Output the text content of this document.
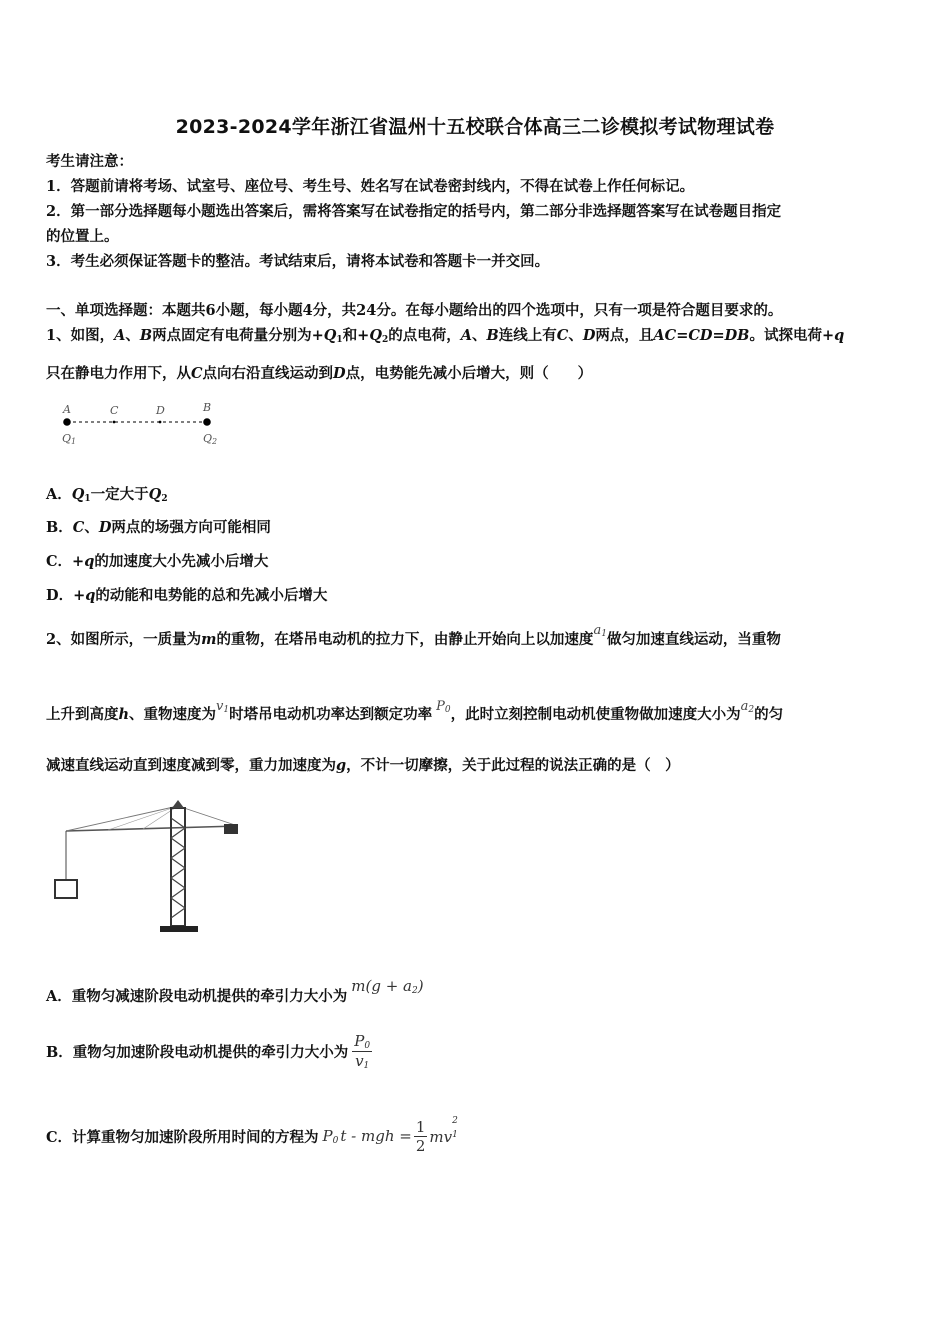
2023-2024学年浙江省温州十五校联合体高三二诊模拟考试物理试卷
考生请注意：
1．答题前请将考场、试室号、座位号、考生号、姓名写在试卷密封线内，不得在试卷上作任何标记。
2．第一部分选择题每小题选出答案后，需将答案写在试卷指定的括号内，第二部分非选择题答案写在试卷题目指定
的位置上。
3．考生必须保证答题卡的整洁。考试结束后，请将本试卷和答题卡一并交回。
一、单项选择题：本题共6小题，每小题4分，共24分。在每小题给出的四个选项中，只有一项是符合题目要求的。
1、如图，A、B两点固定有电荷量分别为$+Q_1$和$+Q_2$的点电荷，A、B连线上有C、D两点，且AC=CD=DB。试探电荷+q
只在静电力作用下，从C点向右沿直线运动到D点，电势能先减小后增大，则（　　）
A	C	D	B
Q1	Q2
A．$Q_1$一定大于$Q_2$
B．C、D两点的场强方向可能相同
C．+q的加速度大小先减小后增大
D．+q的动能和电势能的总和先减小后增大
2、如图所示，一质量为m的重物，在塔吊电动机的拉力下，由静止开始向上以加速度$a_1$做匀加速直线运动，当重物
上升到高度h、重物速度为$v_1$时塔吊电动机功率达到额定功率 $P_0$，此时立刻控制电动机使重物做加速度大小为$a_2$的匀
减速直线运动直到速度减到零，重力加速度为g，不计一切摩擦，关于此过程的说法正确的是（　）
A．重物匀减速阶段电动机提供的牵引力大小为$m(g + a_2)$
B．重物匀加速阶段电动机提供的牵引力大小为 $\frac{P_0}{v_1}$
C．计算重物匀加速阶段所用时间的方程为 $P_0$ t - mgh = $\frac{1}{2}$ mv
2
1
